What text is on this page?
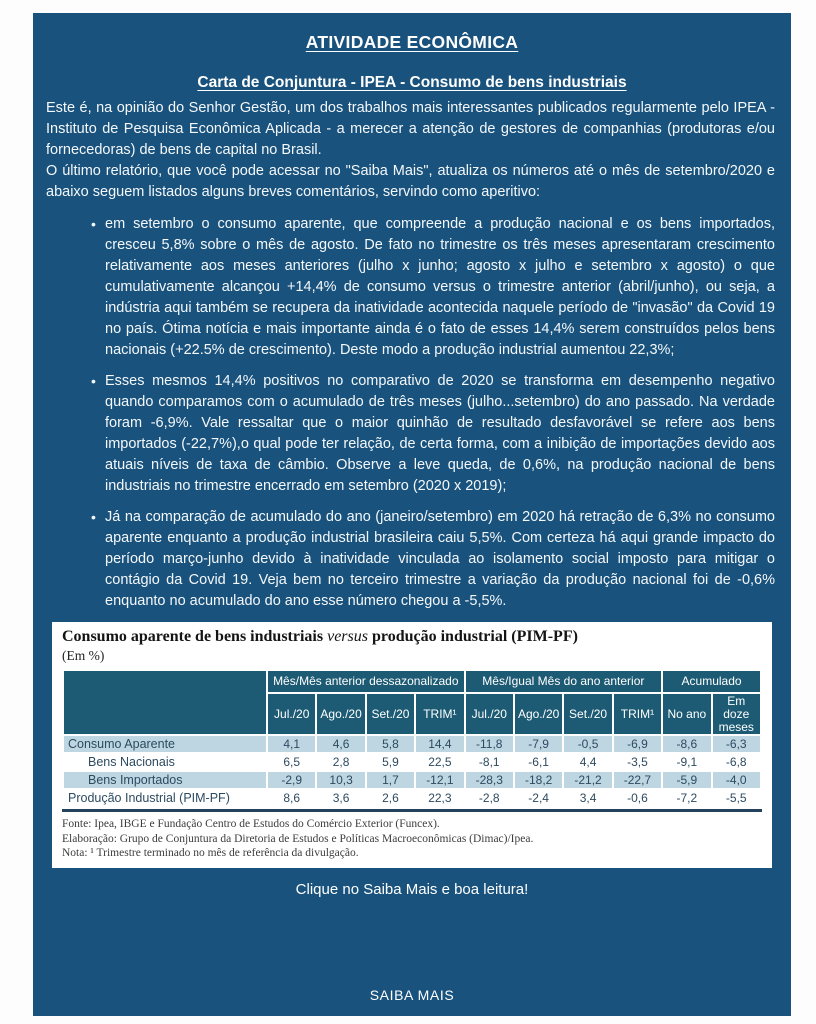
ATIVIDADE ECONÔMICA
Carta de Conjuntura - IPEA - Consumo de bens industriais

Este é, na opinião do Senhor Gestão, um dos trabalhos mais interessantes publicados regularmente pelo IPEA - Instituto de Pesquisa Econômica Aplicada - a merecer a atenção de gestores de companhias (produtoras e/ou fornecedoras) de bens de capital no Brasil.

O último relatório, que você pode acessar no "Saiba Mais", atualiza os números até o mês de setembro/2020 e abaixo seguem listados alguns breves comentários, servindo como aperitivo:

• em setembro o consumo aparente, que compreende a produção nacional e os bens importados, cresceu 5,8% sobre o mês de agosto. De fato no trimestre os três meses apresentaram crescimento relativamente aos meses anteriores (julho x junho; agosto x julho e setembro x agosto) o que cumulativamente alcançou +14,4% de consumo versus o trimestre anterior (abril/junho), ou seja, a indústria aqui também se recupera da inatividade acontecida naquele período de "invasão" da Covid 19 no país. Ótima notícia e mais importante ainda é o fato de esses 14,4% serem construídos pelos bens nacionais (+22.5% de crescimento). Deste modo a produção industrial aumentou 22,3%;
• Esses mesmos 14,4% positivos no comparativo de 2020 se transforma em desempenho negativo quando comparamos com o acumulado de três meses (julho...setembro) do ano passado. Na verdade foram -6,9%. Vale ressaltar que o maior quinhão de resultado desfavorável se refere aos bens importados (-22,7%),o qual pode ter relação, de certa forma, com a inibição de importações devido aos atuais níveis de taxa de câmbio. Observe a leve queda, de 0,6%, na produção nacional de bens industriais no trimestre encerrado em setembro (2020 x 2019);
• Já na comparação de acumulado do ano (janeiro/setembro) em 2020 há retração de 6,3% no consumo aparente enquanto a produção industrial brasileira caiu 5,5%. Com certeza há aqui grande impacto do período março-junho devido à inatividade vinculada ao isolamento social imposto para mitigar o contágio da Covid 19. Veja bem no terceiro trimestre a variação da produção nacional foi de -0,6% enquanto no acumulado do ano esse número chegou a -5,5%.
Consumo aparente de bens industriais versus produção industrial (PIM-PF)
(Em %)
	Mês/Mês anterior dessazonalizado				Mês/Igual Mês do ano anterior				Acumulado	
	Jul./20	Ago./20	Set./20	TRIM¹	Jul./20	Ago./20	Set./20	TRIM¹	No ano	Em doze meses
Consumo Aparente	4,1	4,6	5,8	14,4	-11,8	-7,9	-0,5	-6,9	-8,6	-6,3
Bens Nacionais	6,5	2,8	5,9	22,5	-8,1	-6,1	4,4	-3,5	-9,1	-6,8
Bens Importados	-2,9	10,3	1,7	-12,1	-28,3	-18,2	-21,2	-22,7	-5,9	-4,0
Produção Industrial (PIM-PF)	8,6	3,6	2,6	22,3	-2,8	-2,4	3,4	-0,6	-7,2	-5,5

Fonte: Ipea, IBGE e Fundação Centro de Estudos do Comércio Exterior (Funcex).

Elaboração: Grupo de Conjuntura da Diretoria de Estudos e Políticas Macroeconômicas (Dimac)/Ipea.

Nota: ¹ Trimestre terminado no mês de referência da divulgação.

Clique no Saiba Mais e boa leitura!

SAIBA MAIS
